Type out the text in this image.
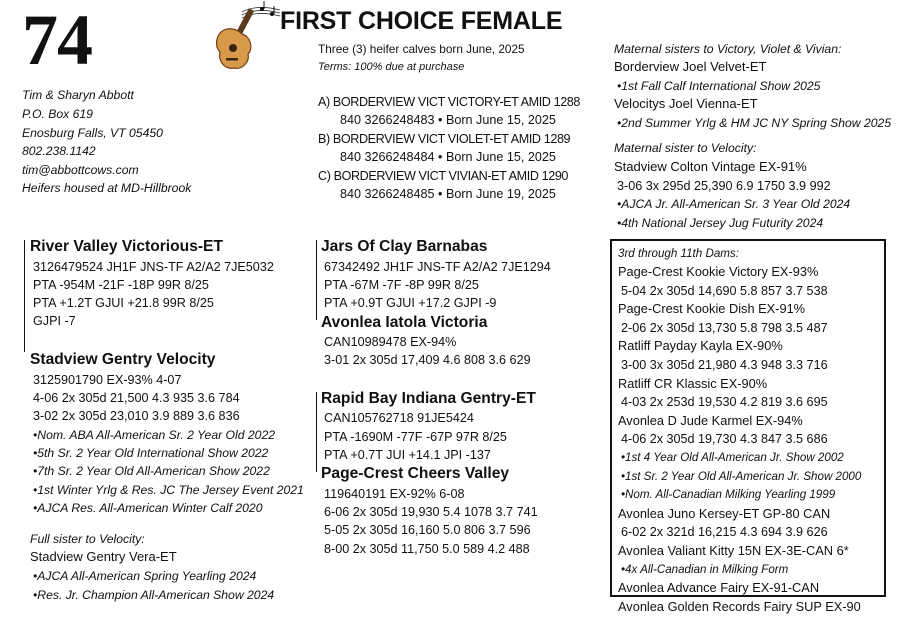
74	FIRST CHOICE FEMALE
Three (3) heifer calves born June, 2025
Terms: 100% due at purchase
A) BORDERVIEW VICT VICTORY-ET AMID 1288
840 3266248483 • Born June 15, 2025
B) BORDERVIEW VICT VIOLET-ET AMID 1289
840 3266248484 • Born June 15, 2025
C) BORDERVIEW VICT VIVIAN-ET AMID 1290
840 3266248485 • Born June 19, 2025
Tim & Sharyn Abbott
P.O. Box 619
Enosburg Falls, VT 05450
802.238.1142
tim@abbottcows.com
Heifers housed at MD-Hillbrook
River Valley Victorious-ET
3126479524 JH1F JNS-TF A2/A2 7JE5032
PTA -954M -21F -18P 99R 8/25
PTA +1.2T GJUI +21.8 99R 8/25
GJPI -7
Stadview Gentry Velocity
3125901790 EX-93% 4-07
4-06 2x 305d 21,500 4.3 935 3.6 784
3-02 2x 305d 23,010 3.9 889 3.6 836
•Nom. ABA All-American Sr. 2 Year Old 2022
•5th Sr. 2 Year Old International Show 2022
•7th Sr. 2 Year Old All-American Show 2022
•1st Winter Yrlg & Res. JC The Jersey Event 2021
•AJCA Res. All-American Winter Calf 2020
Full sister to Velocity:
Stadview Gentry Vera-ET
•AJCA All-American Spring Yearling 2024
•Res. Jr. Champion All-American Show 2024
Jars Of Clay Barnabas
67342492 JH1F JNS-TF A2/A2 7JE1294
PTA -67M -7F -8P 99R 8/25
PTA +0.9T GJUI +17.2 GJPI -9
Avonlea Iatola Victoria
CAN10989478 EX-94%
3-01 2x 305d 17,409 4.6 808 3.6 629
Rapid Bay Indiana Gentry-ET
CAN105762718 91JE5424
PTA -1690M -77F -67P 97R 8/25
PTA +0.7T JUI +14.1 JPI -137
Page-Crest Cheers Valley
119640191 EX-92% 6-08
6-06 2x 305d 19,930 5.4 1078 3.7 741
5-05 2x 305d 16,160 5.0 806 3.7 596
8-00 2x 305d 11,750 5.0 589 4.2 488
Maternal sisters to Victory, Violet & Vivian:
Borderview Joel Velvet-ET
•1st Fall Calf International Show 2025
Velocitys Joel Vienna-ET
•2nd Summer Yrlg & HM JC NY Spring Show 2025
Maternal sister to Velocity:
Stadview Colton Vintage EX-91%
3-06 3x 295d 25,390 6.9 1750 3.9 992
•AJCA Jr. All-American Sr. 3 Year Old 2024
•4th National Jersey Jug Futurity 2024
3rd through 11th Dams:
Page-Crest Kookie Victory EX-93%
5-04 2x 305d 14,690 5.8 857 3.7 538
Page-Crest Kookie Dish EX-91%
2-06 2x 305d 13,730 5.8 798 3.5 487
Ratliff Payday Kayla EX-90%
3-00 3x 305d 21,980 4.3 948 3.3 716
Ratliff CR Klassic EX-90%
4-03 2x 253d 19,530 4.2 819 3.6 695
Avonlea D Jude Karmel EX-94%
4-06 2x 305d 19,730 4.3 847 3.5 686
•1st 4 Year Old All-American Jr. Show 2002
•1st Sr. 2 Year Old All-American Jr. Show 2000
•Nom. All-Canadian Milking Yearling 1999
Avonlea Juno Kersey-ET GP-80 CAN
6-02 2x 321d 16,215 4.3 694 3.9 626
Avonlea Valiant Kitty 15N EX-3E-CAN 6*
•4x All-Canadian in Milking Form
Avonlea Advance Fairy EX-91-CAN
Avonlea Golden Records Fairy SUP EX-90
